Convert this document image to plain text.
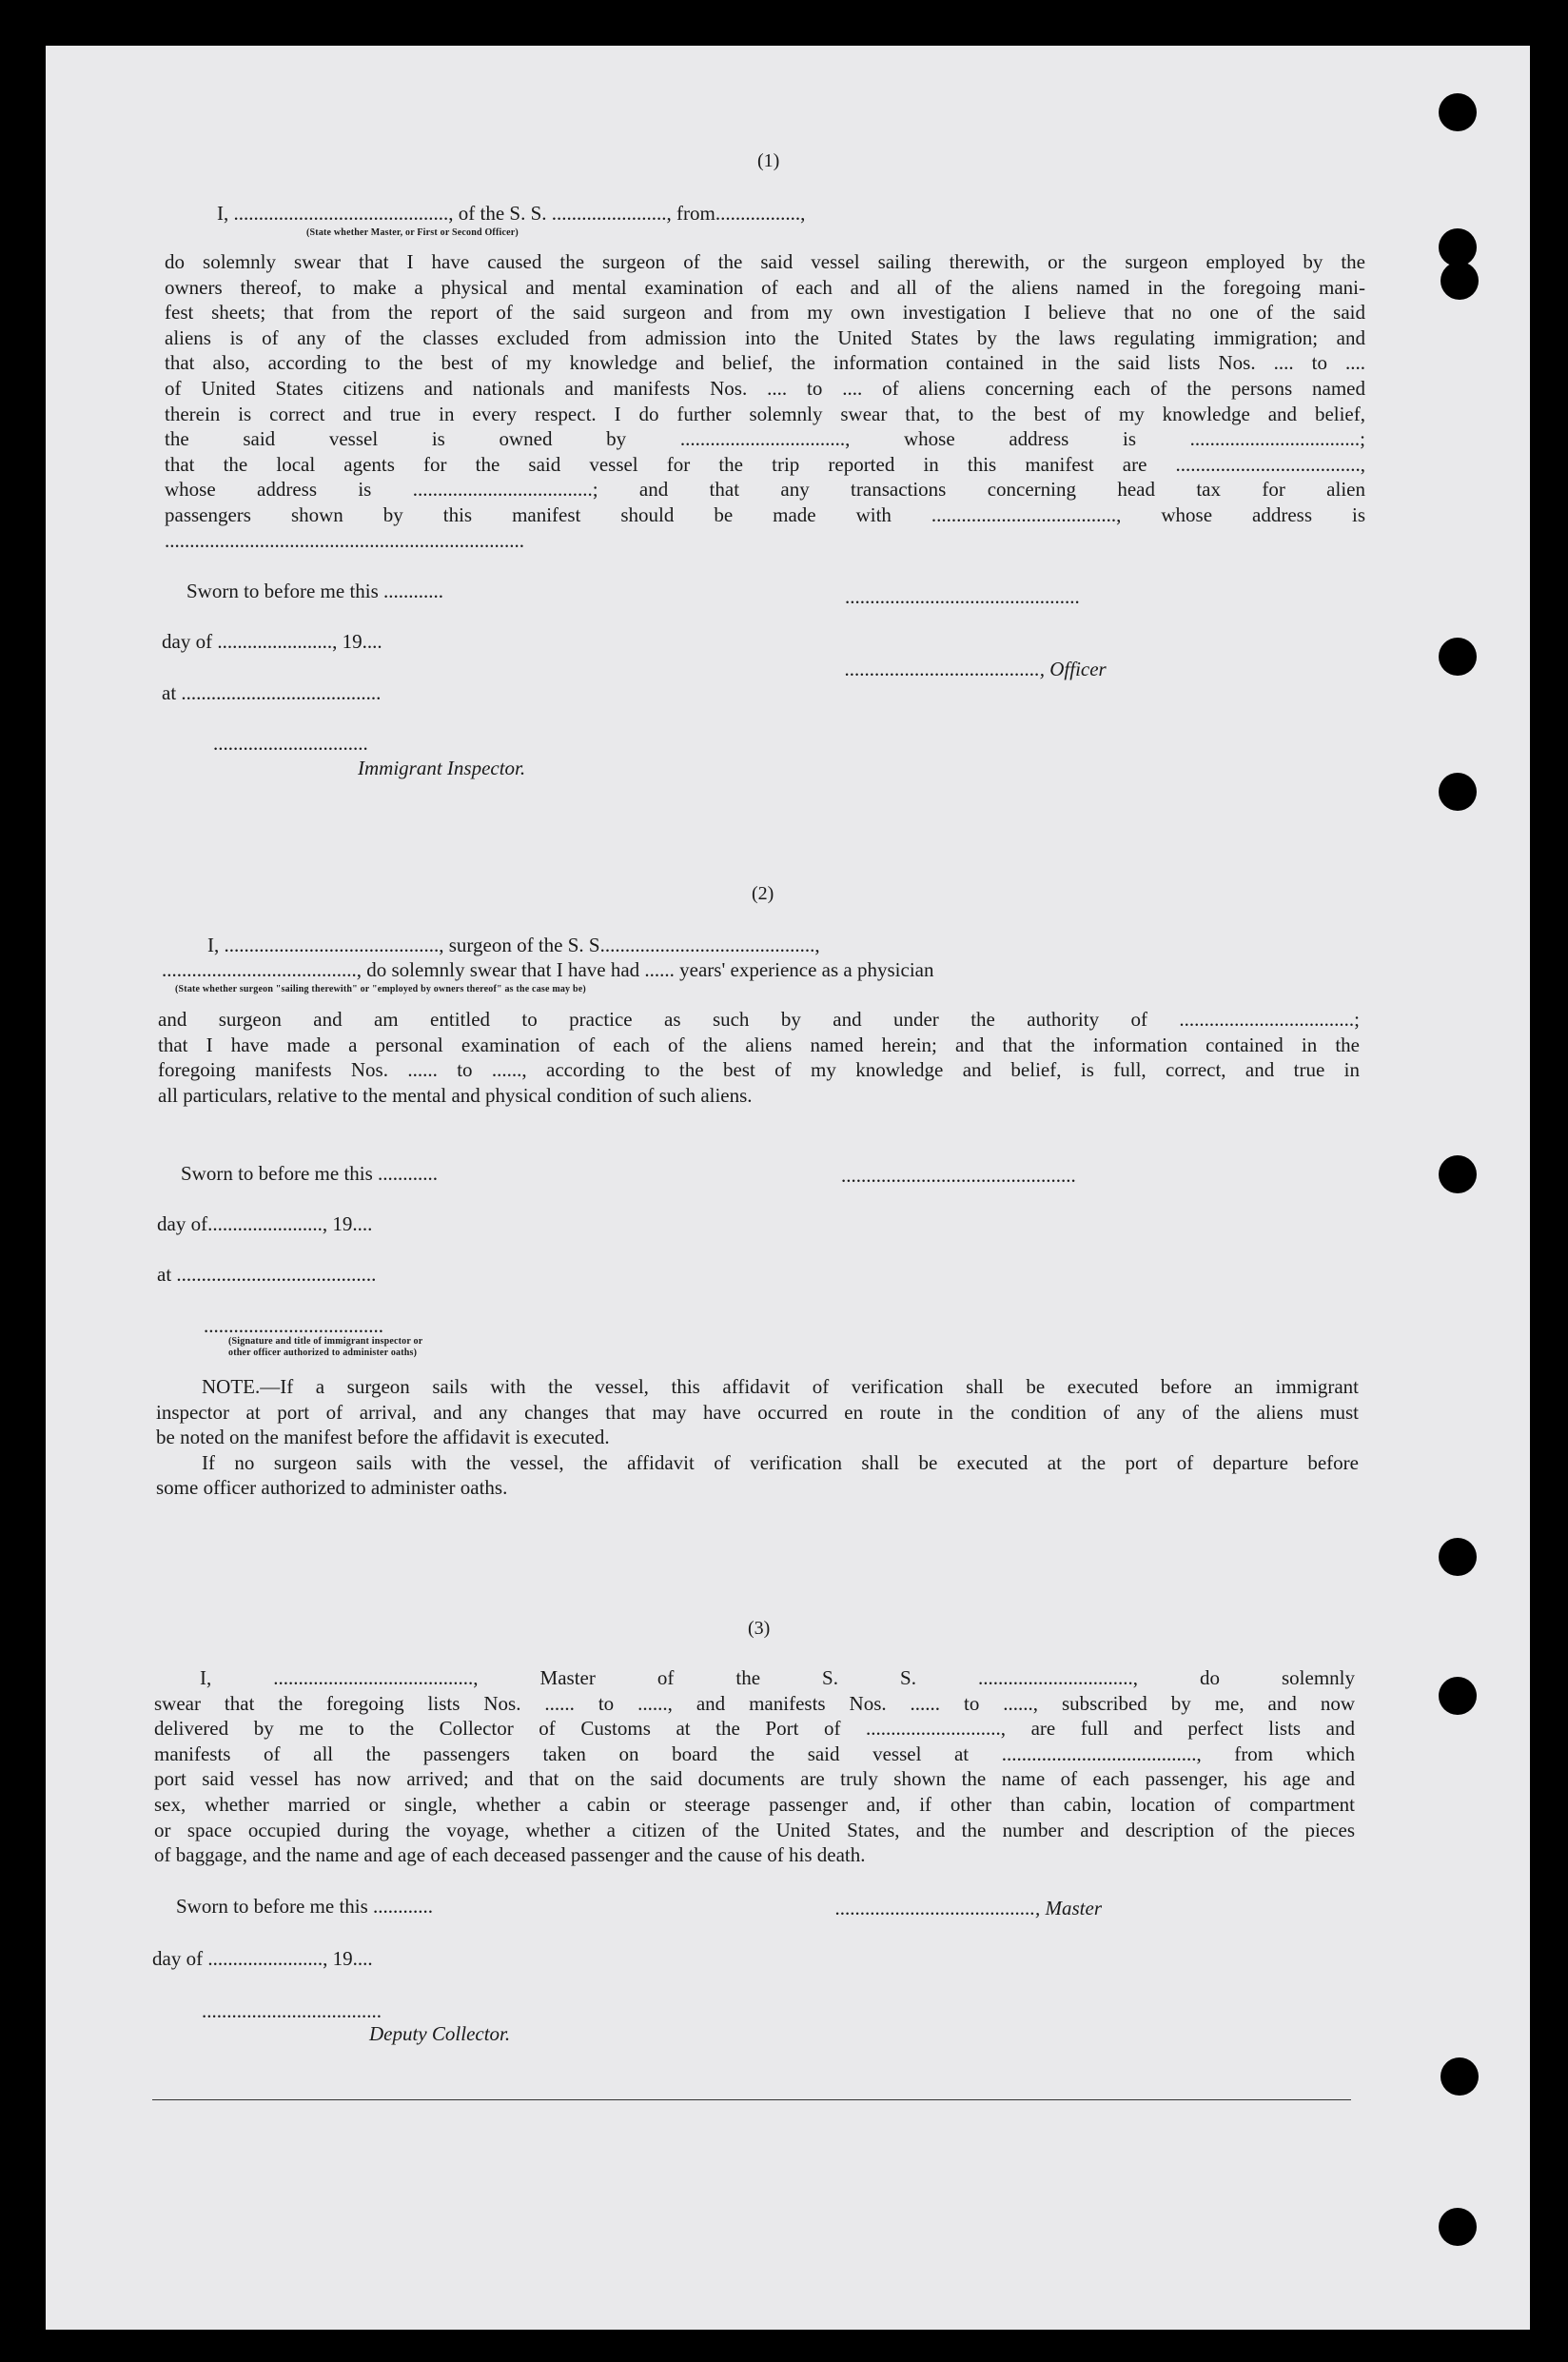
(1)
I, ..........................................., of the S. S. ......................., from.................,
(State whether Master, or First or Second Officer)
do solemnly swear that I have caused the surgeon of the said vessel sailing therewith, or the surgeon employed by the
owners thereof, to make a physical and mental examination of each and all of the aliens named in the foregoing mani-
fest sheets; that from the report of the said surgeon and from my own investigation I believe that no one of the said
aliens is of any of the classes excluded from admission into the United States by the laws regulating immigration; and
that also, according to the best of my knowledge and belief, the information contained in the said lists Nos. .... to ....
of United States citizens and nationals and manifests Nos. .... to .... of aliens concerning each of the persons named
therein is correct and true in every respect. I do further solemnly swear that, to the best of my knowledge and belief,
the said vessel is owned by ................................., whose address is ..................................;
that the local agents for the said vessel for the trip reported in this manifest are .....................................,
whose address is ....................................; and that any transactions concerning head tax for alien
passengers shown by this manifest should be made with ....................................., whose address is
........................................................................
Sworn to before me this ............
day of ......................., 19....
at ........................................
...............................
Immigrant Inspector.
...............................................
......................................., Officer
(2)
I, ..........................................., surgeon of the S. S...........................................,
......................................., do solemnly swear that I have had ...... years' experience as a physician
(State whether surgeon "sailing therewith" or "employed by owners thereof" as the case may be)
and surgeon and am entitled to practice as such by and under the authority of ...................................;
that I have made a personal examination of each of the aliens named herein; and that the information contained in the
foregoing manifests Nos. ...... to ......, according to the best of my knowledge and belief, is full, correct, and true in
all particulars, relative to the mental and physical condition of such aliens.
Sworn to before me this ............
day of......................., 19....
at ........................................
....................................
(Signature and title of immigrant inspector or
other officer authorized to administer oaths)
...............................................
NOTE.—If a surgeon sails with the vessel, this affidavit of verification shall be executed before an immigrant
inspector at port of arrival, and any changes that may have occurred en route in the condition of any of the aliens must
be noted on the manifest before the affidavit is executed.
If no surgeon sails with the vessel, the affidavit of verification shall be executed at the port of departure before
some officer authorized to administer oaths.
(3)
I, ........................................, Master of the S. S. ..............................., do solemnly
swear that the foregoing lists Nos. ...... to ......, and manifests Nos. ...... to ......, subscribed by me, and now
delivered by me to the Collector of Customs at the Port of ..........................., are full and perfect lists and
manifests of all the passengers taken on board the said vessel at ......................................., from which
port said vessel has now arrived; and that on the said documents are truly shown the name of each passenger, his age and
sex, whether married or single, whether a cabin or steerage passenger and, if other than cabin, location of compartment
or space occupied during the voyage, whether a citizen of the United States, and the number and description of the pieces
of baggage, and the name and age of each deceased passenger and the cause of his death.
Sworn to before me this ............
day of ......................., 19....
....................................
Deputy Collector.
........................................, Master
